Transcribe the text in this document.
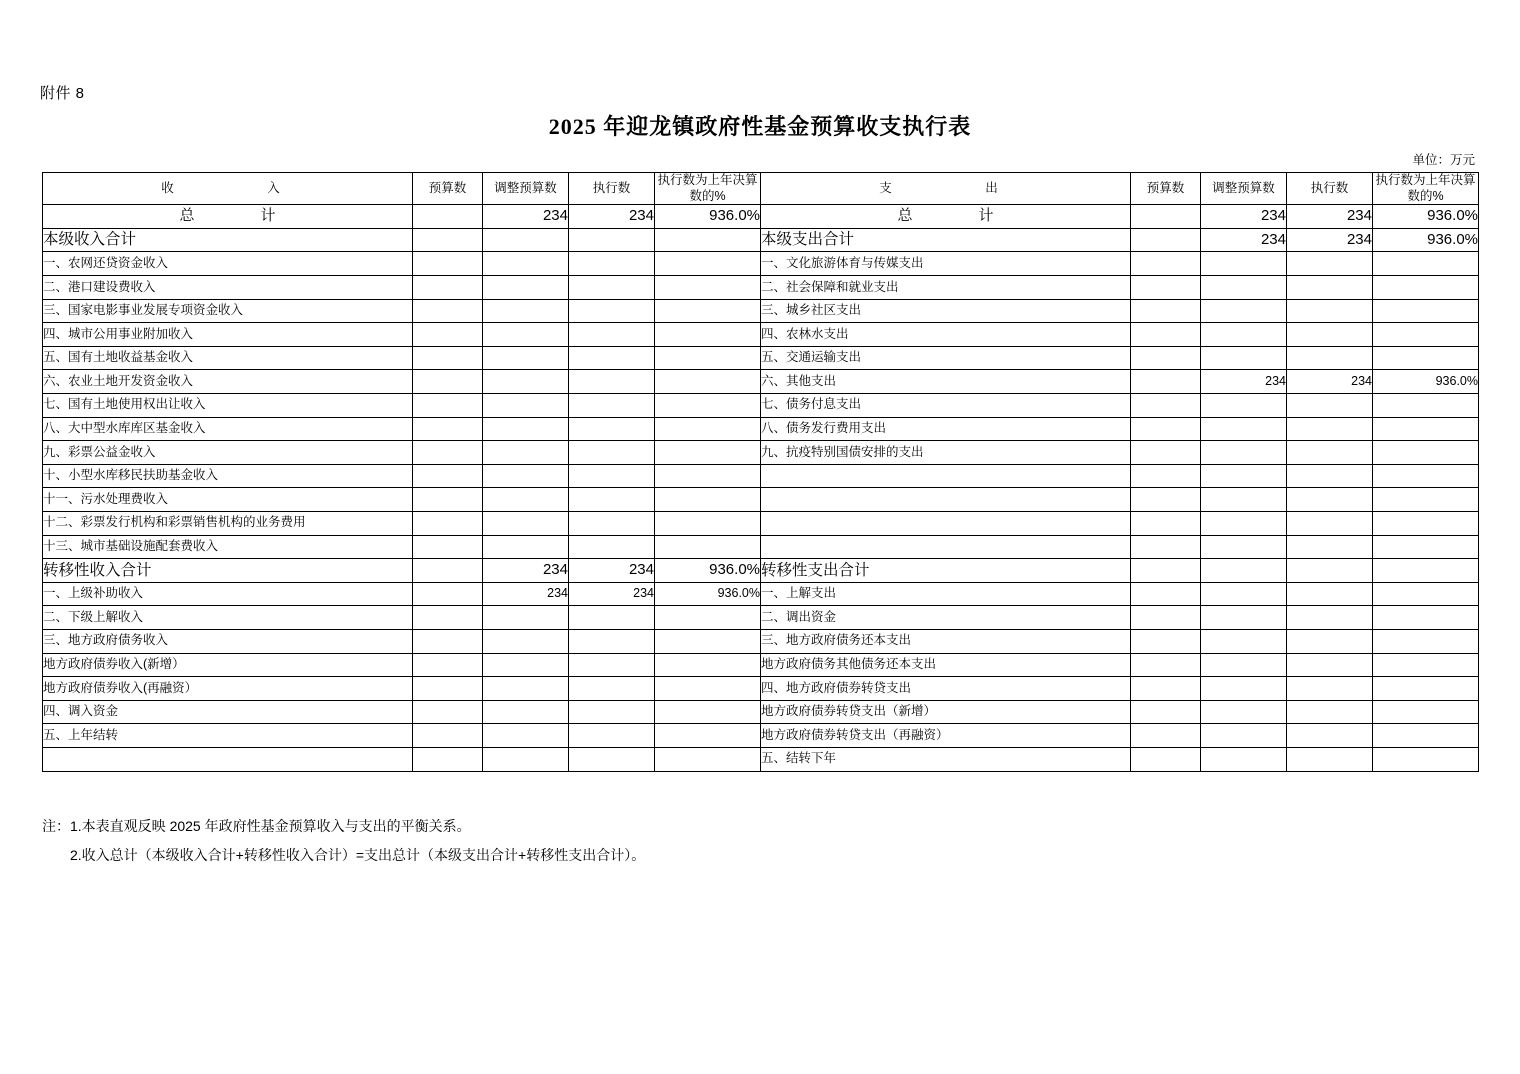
附件 8
2025 年迎龙镇政府性基金预算收支执行表
单位：万元
收　　　入	预算数	调整预算数	执行数	执行数为上年决算数的%	支　　　出	预算数	调整预算数	执行数	执行数为上年决算数的%
总　　计		234	234	936.0%	总　　计		234	234	936.0%
本级收入合计					本级支出合计		234	234	936.0%
一、农网还贷资金收入					一、文化旅游体育与传媒支出				
二、港口建设费收入					二、社会保障和就业支出				
三、国家电影事业发展专项资金收入					三、城乡社区支出				
四、城市公用事业附加收入					四、农林水支出				
五、国有土地收益基金收入					五、交通运输支出				
六、农业土地开发资金收入					六、其他支出		234	234	936.0%
七、国有土地使用权出让收入					七、债务付息支出				
八、大中型水库库区基金收入					八、债务发行费用支出				
九、彩票公益金收入					九、抗疫特别国债安排的支出				
十、小型水库移民扶助基金收入									
十一、污水处理费收入									
十二、彩票发行机构和彩票销售机构的业务费用									
十三、城市基础设施配套费收入									
转移性收入合计		234	234	936.0%	转移性支出合计				
一、上级补助收入		234	234	936.0%	一、上解支出				
二、下级上解收入					二、调出资金				
三、地方政府债务收入					三、地方政府债务还本支出				
地方政府债券收入(新增）					地方政府债务其他债务还本支出				
地方政府债券收入(再融资）					四、地方政府债券转贷支出				
四、调入资金					地方政府债券转贷支出（新增）				
五、上年结转					地方政府债券转贷支出（再融资）				
					五、结转下年				
注：1.本表直观反映 2025 年政府性基金预算收入与支出的平衡关系。
2.收入总计（本级收入合计+转移性收入合计）=支出总计（本级支出合计+转移性支出合计）。
